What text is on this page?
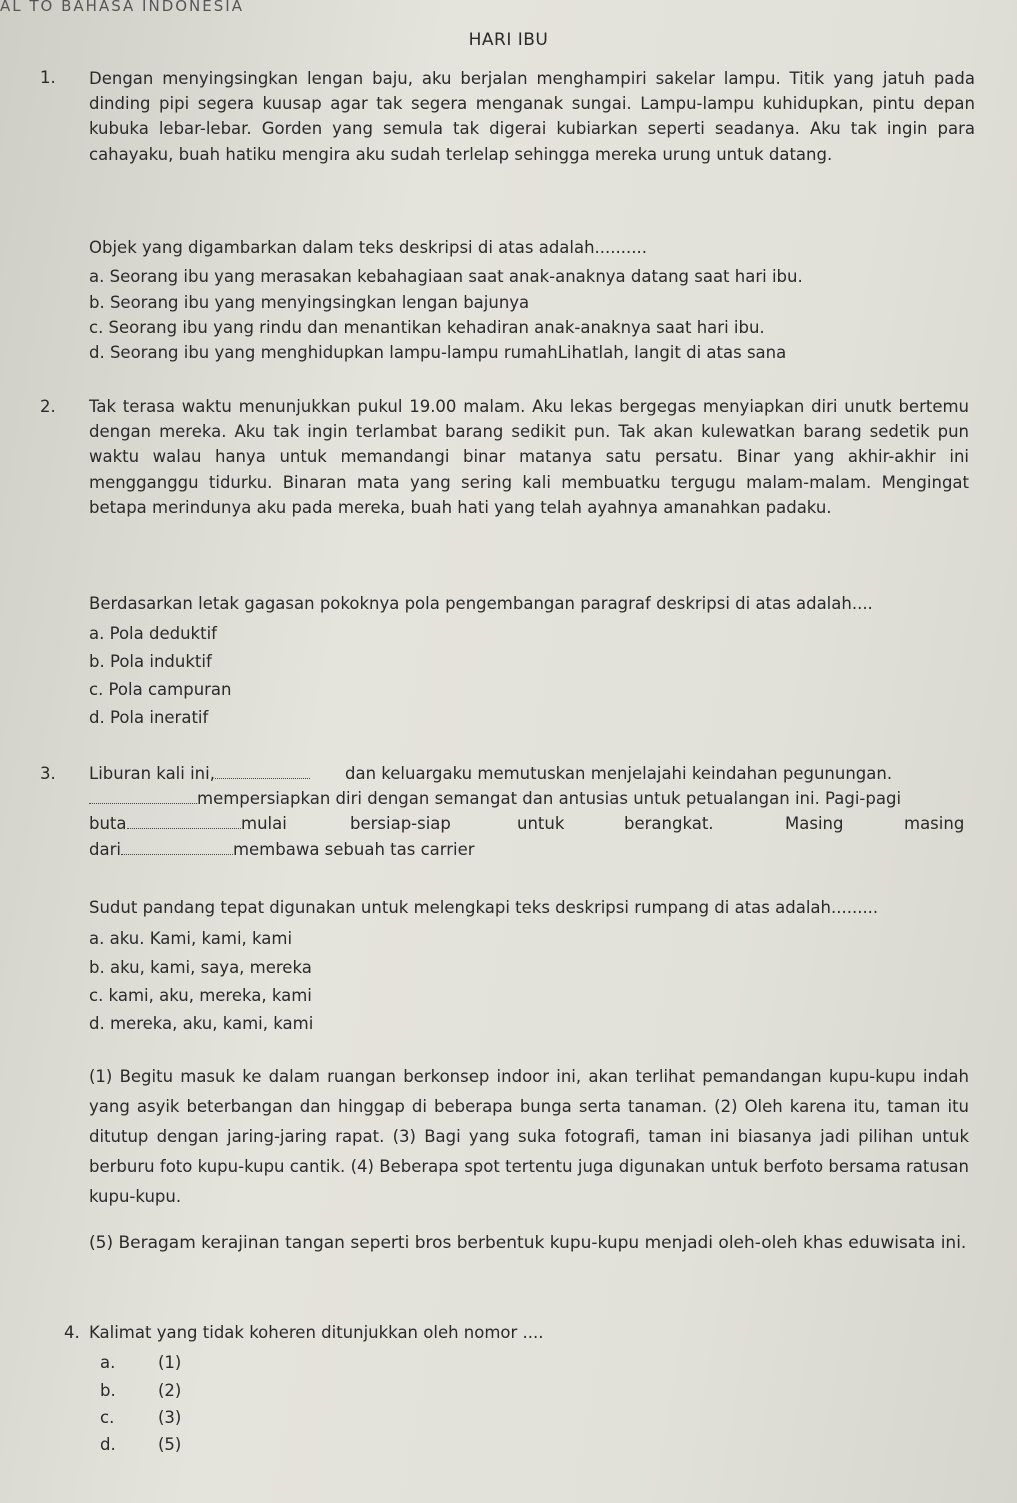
AL TO BAHASA INDONESIA
HARI IBU
1. Dengan menyingsingkan lengan baju, aku berjalan menghampiri sakelar lampu. Titik yang jatuh pada dinding pipi segera kuusap agar tak segera menganak sungai. Lampu-lampu kuhidupkan, pintu depan kubuka lebar-lebar. Gorden yang semula tak digerai kubiarkan seperti seadanya. Aku tak ingin para cahayaku, buah hatiku mengira aku sudah terlelap sehingga mereka urung untuk datang.
Objek yang digambarkan dalam teks deskripsi di atas adalah..........
a. Seorang ibu yang merasakan kebahagiaan saat anak-anaknya datang saat hari ibu.
b. Seorang ibu yang menyingsingkan lengan bajunya
c. Seorang ibu yang rindu dan menantikan kehadiran anak-anaknya saat hari ibu.
d. Seorang ibu yang menghidupkan lampu-lampu rumahLihatlah, langit di atas sana
2. Tak terasa waktu menunjukkan pukul 19.00 malam. Aku lekas bergegas menyiapkan diri unutk bertemu dengan mereka. Aku tak ingin terlambat barang sedikit pun. Tak akan kulewatkan barang sedetik pun waktu walau hanya untuk memandangi binar matanya satu persatu. Binar yang akhir-akhir ini mengganggu tidurku. Binaran mata yang sering kali membuatku tergugu malam-malam. Mengingat betapa merindunya aku pada mereka, buah hati yang telah ayahnya amanahkan padaku.
Berdasarkan letak gagasan pokoknya pola pengembangan paragraf deskripsi di atas adalah....
a. Pola deduktif
b. Pola induktif
c. Pola campuran
d. Pola ineratif
3. Liburan kali ini,	dan keluargaku memutuskan menjelajahi keindahan pegunungan.
mempersiapkan diri dengan semangat dan antusias untuk petualangan ini. Pagi-pagi
buta	mulai	bersiap-siap	untuk	berangkat.	Masing	masing
dari	membawa sebuah tas carrier
Sudut pandang tepat digunakan untuk melengkapi teks deskripsi rumpang di atas adalah.........
a. aku. Kami, kami, kami
b. aku, kami, saya, mereka
c. kami, aku, mereka, kami
d. mereka, aku, kami, kami
(1) Begitu masuk ke dalam ruangan berkonsep indoor ini, akan terlihat pemandangan kupu-kupu indah yang asyik beterbangan dan hinggap di beberapa bunga serta tanaman. (2) Oleh karena itu, taman itu ditutup dengan jaring-jaring rapat. (3) Bagi yang suka fotografi, taman ini biasanya jadi pilihan untuk berburu foto kupu-kupu cantik. (4) Beberapa spot tertentu juga digunakan untuk berfoto bersama ratusan kupu-kupu.
(5) Beragam kerajinan tangan seperti bros berbentuk kupu-kupu menjadi oleh-oleh khas eduwisata ini.
4. Kalimat yang tidak koheren ditunjukkan oleh nomor ....
a.	(1)
b.	(2)
c.	(3)
d.	(5)
